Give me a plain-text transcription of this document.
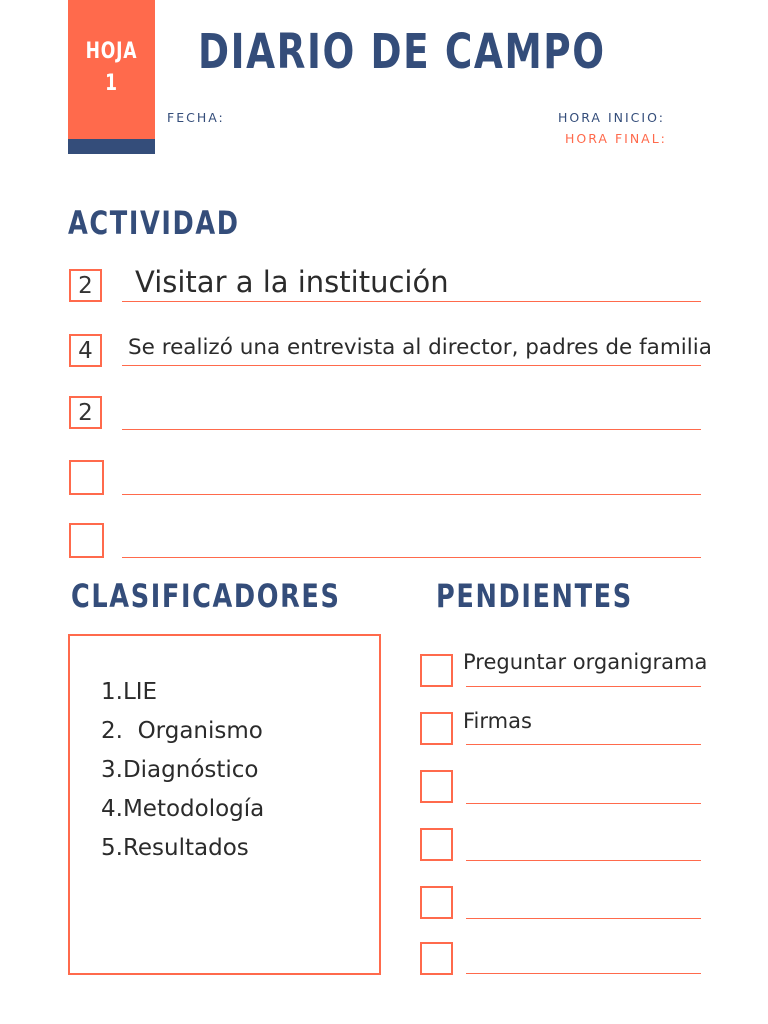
HOJA
1
DIARIO DE CAMPO
FECHA:	HORA INICIO:
HORA FINAL:
ACTIVIDAD
2	Visitar a la institución
4	Se realizó una entrevista al director, padres de familia
2
CLASIFICADORES
1.LIE
2. Organismo
3.Diagnóstico
4.Metodología
5.Resultados
PENDIENTES
Preguntar organigrama
Firmas
